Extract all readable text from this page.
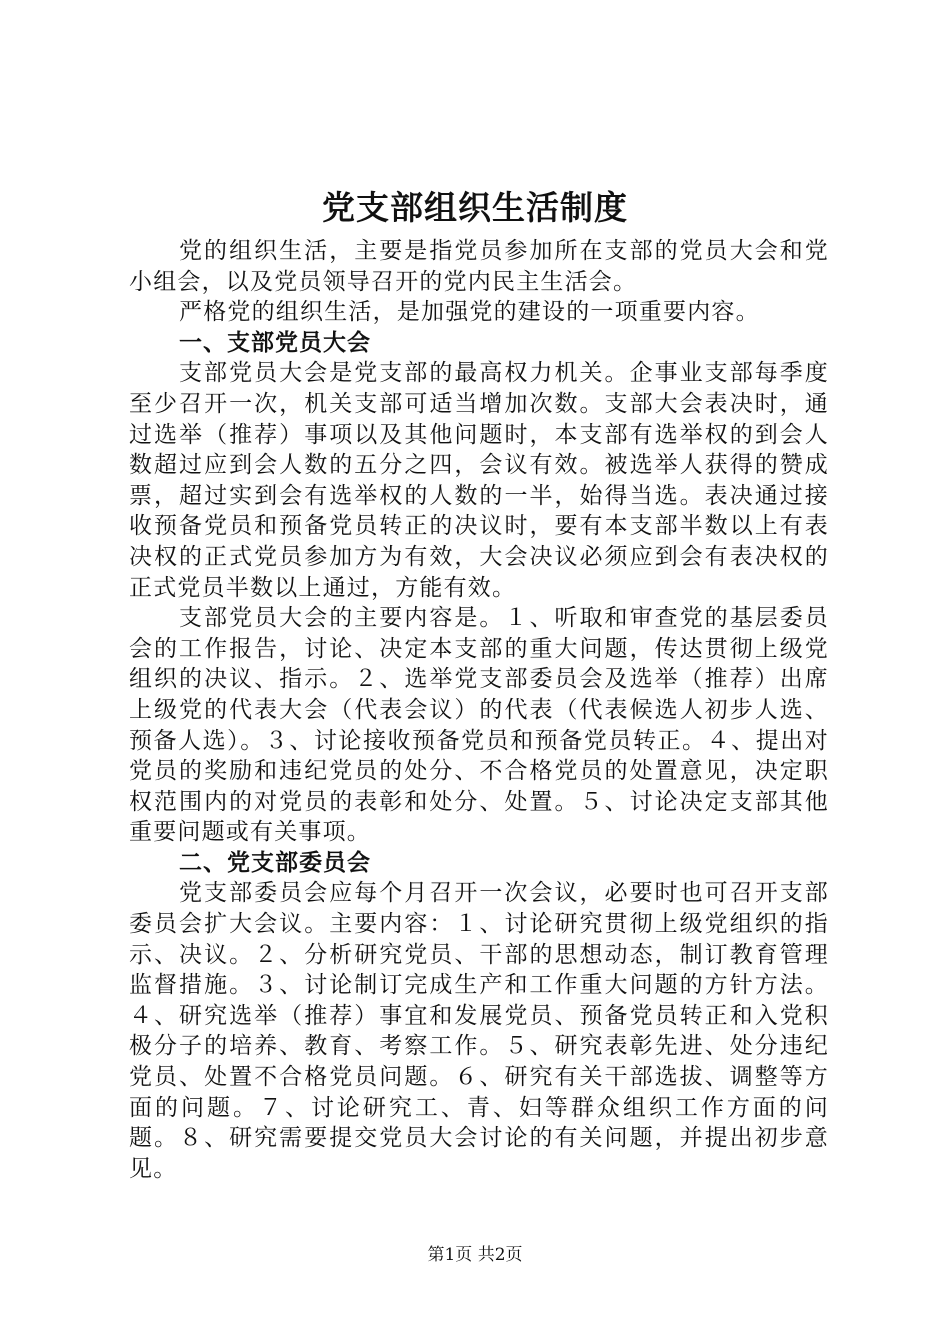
党支部组织生活制度

党的组织生活，主要是指党员参加所在支部的党员大会和党小组会，以及党员领导召开的党内民主生活会。

严格党的组织生活，是加强党的建设的一项重要内容。

一、支部党员大会

支部党员大会是党支部的最高权力机关。企事业支部每季度至少召开一次，机关支部可适当增加次数。支部大会表决时，通过选举（推荐）事项以及其他问题时，本支部有选举权的到会人数超过应到会人数的五分之四，会议有效。被选举人获得的赞成票，超过实到会有选举权的人数的一半，始得当选。表决通过接收预备党员和预备党员转正的决议时，要有本支部半数以上有表决权的正式党员参加方为有效，大会决议必须应到会有表决权的正式党员半数以上通过，方能有效。

支部党员大会的主要内容是。１、听取和审查党的基层委员会的工作报告，讨论、决定本支部的重大问题，传达贯彻上级党组织的决议、指示。２、选举党支部委员会及选举（推荐）出席上级党的代表大会（代表会议）的代表（代表候选人初步人选、预备人选）。３、讨论接收预备党员和预备党员转正。４、提出对党员的奖励和违纪党员的处分、不合格党员的处置意见，决定职权范围内的对党员的表彰和处分、处置。５、讨论决定支部其他重要问题或有关事项。

二、党支部委员会

党支部委员会应每个月召开一次会议，必要时也可召开支部委员会扩大会议。主要内容：１、讨论研究贯彻上级党组织的指示、决议。２、分析研究党员、干部的思想动态，制订教育管理监督措施。３、讨论制订完成生产和工作重大问题的方针方法。４、研究选举（推荐）事宜和发展党员、预备党员转正和入党积极分子的培养、教育、考察工作。５、研究表彰先进、处分违纪党员、处置不合格党员问题。６、研究有关干部选拔、调整等方面的问题。７、讨论研究工、青、妇等群众组织工作方面的问题。８、研究需要提交党员大会讨论的有关问题，并提出初步意见。

第1页 共2页
